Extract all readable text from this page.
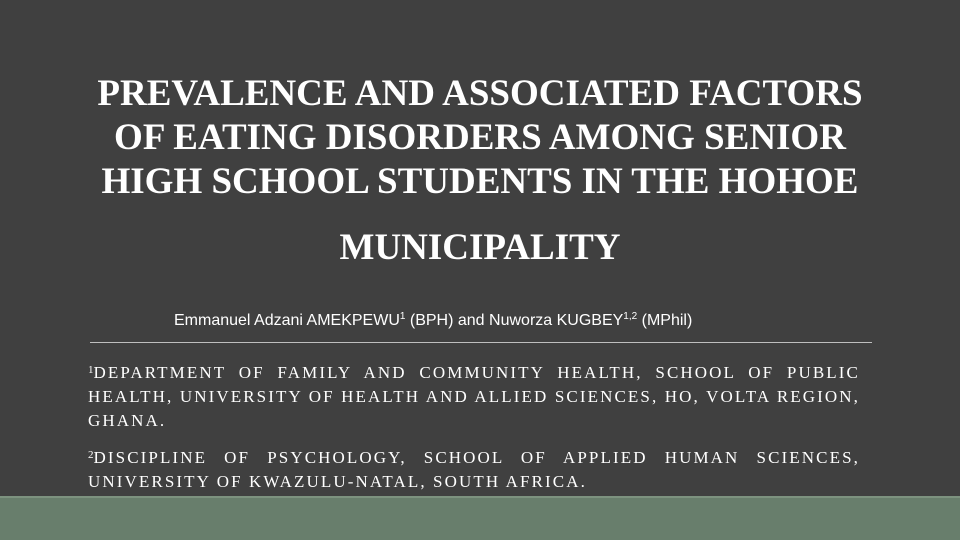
PREVALENCE AND ASSOCIATED FACTORS
OF EATING DISORDERS AMONG SENIOR
HIGH SCHOOL STUDENTS IN THE HOHOE
MUNICIPALITY
Emmanuel Adzani AMEKPEWU$^1$ (BPH) and Nuworza KUGBEY$^{1,2}$ (MPhil)
$^1$DEPARTMENT OF FAMILY AND COMMUNITY HEALTH, SCHOOL OF PUBLIC HEALTH, UNIVERSITY OF HEALTH AND ALLIED SCIENCES, HO, VOLTA REGION, GHANA.
$^2$DISCIPLINE OF PSYCHOLOGY, SCHOOL OF APPLIED HUMAN SCIENCES, UNIVERSITY OF KWAZULU-NATAL, SOUTH AFRICA.
